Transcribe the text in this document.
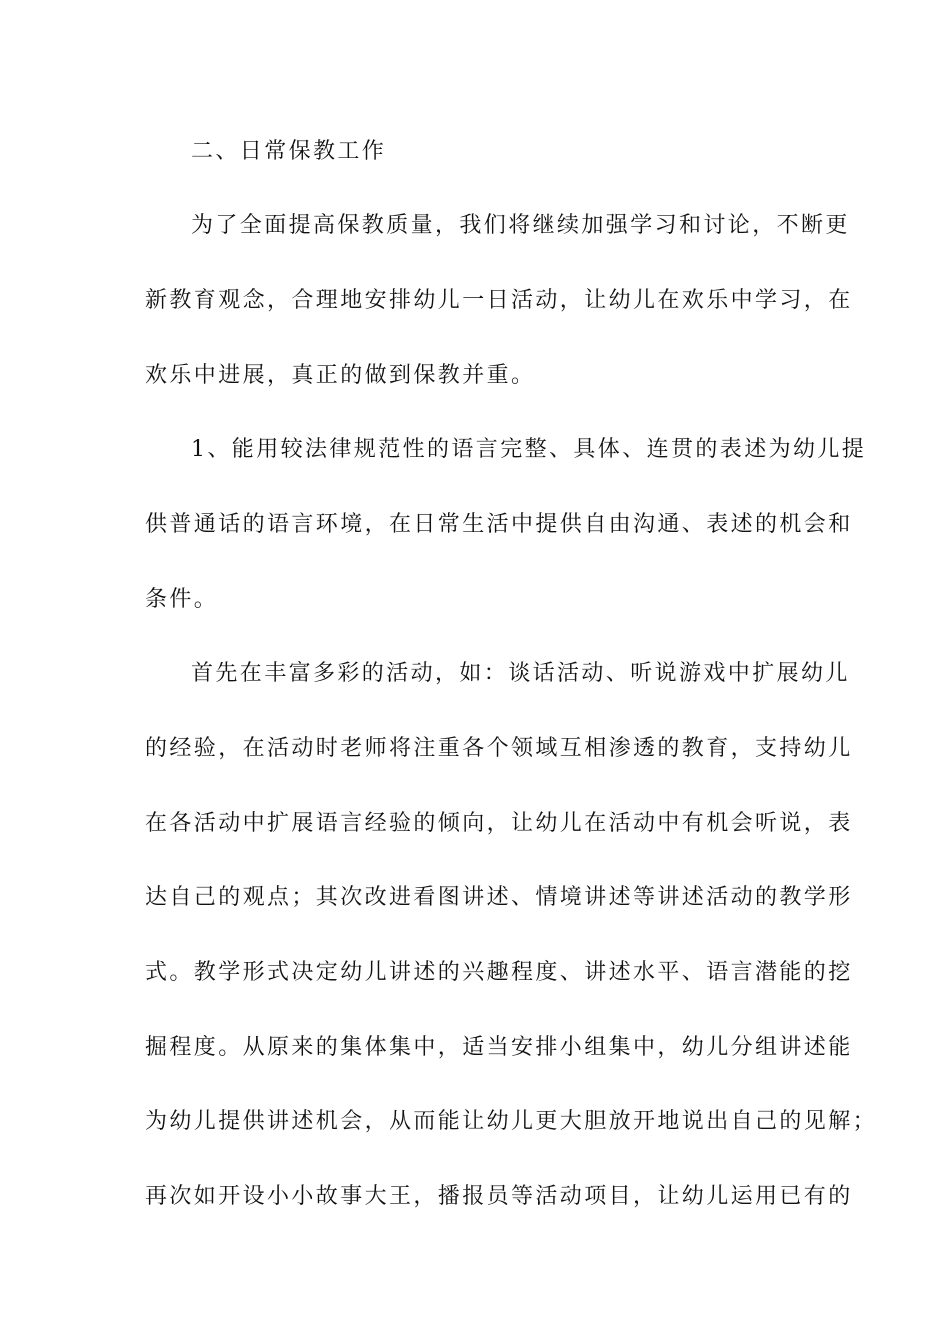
二、日常保教工作
为了全面提高保教质量，我们将继续加强学习和讨论，不断更
新教育观念，合理地安排幼儿一日活动，让幼儿在欢乐中学习，在
欢乐中进展，真正的做到保教并重。
1、能用较法律规范性的语言完整、具体、连贯的表述为幼儿提
供普通话的语言环境，在日常生活中提供自由沟通、表述的机会和
条件。
首先在丰富多彩的活动，如：谈话活动、听说游戏中扩展幼儿
的经验，在活动时老师将注重各个领域互相渗透的教育，支持幼儿
在各活动中扩展语言经验的倾向，让幼儿在活动中有机会听说，表
达自己的观点；其次改进看图讲述、情境讲述等讲述活动的教学形
式。教学形式决定幼儿讲述的兴趣程度、讲述水平、语言潜能的挖
掘程度。从原来的集体集中，适当安排小组集中，幼儿分组讲述能
为幼儿提供讲述机会，从而能让幼儿更大胆放开地说出自己的见解；
再次如开设小小故事大王，播报员等活动项目，让幼儿运用已有的
